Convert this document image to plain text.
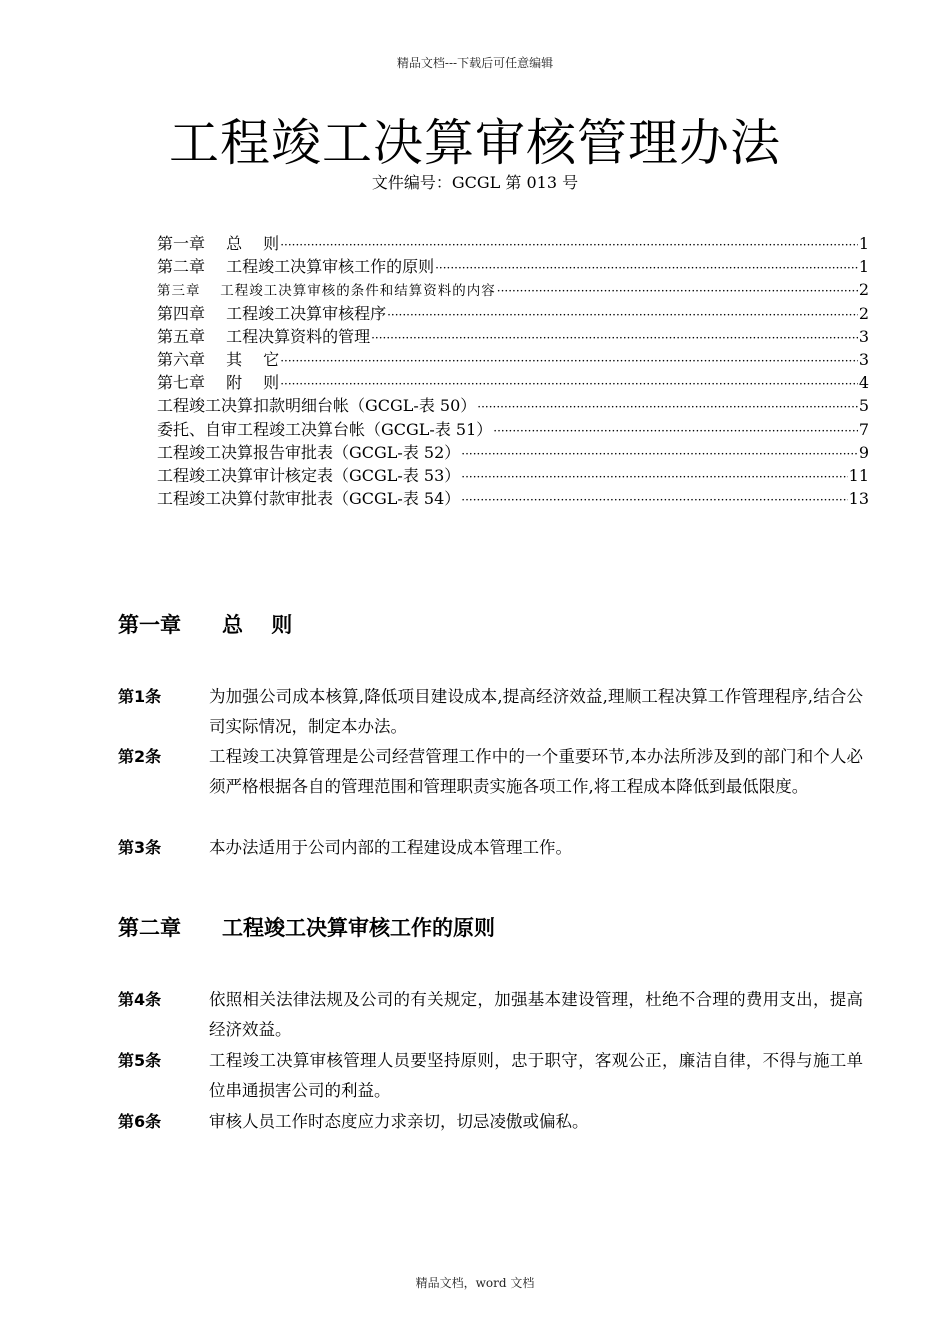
精品文档---下载后可任意编辑
工程竣工决算审核管理办法
文件编号：GCGL 第 013 号
第一章　 总　 则 ·····	1
第二章　 工程竣工决算审核工作的原则 ·····	1
第三章　 工程竣工决算审核的条件和结算资料的内容 ·····	2
第四章　 工程竣工决算审核程序 ·····	2
第五章　 工程决算资料的管理 ·····	3
第六章　 其　 它 ·····	3
第七章　 附　 则 ·····	4
工程竣工决算扣款明细台帐（GCGL-表 50） ·····	5
委托、自审工程竣工决算台帐（GCGL-表 51） ·····	7
工程竣工决算报告审批表（GCGL-表 52） ·····	9
工程竣工决算审计核定表（GCGL-表 53） ·····	11
工程竣工决算付款审批表（GCGL-表 54） ·····	13
第一章 总　 则
第1条	为加强公司成本核算,降低项目建设成本,提高经济效益,理顺工程决算工作管理程序,结合公司实际情况，制定本办法。
第2条	工程竣工决算管理是公司经营管理工作中的一个重要环节,本办法所涉及到的部门和个人必须严格根据各自的管理范围和管理职责实施各项工作,将工程成本降低到最低限度。
第3条	本办法适用于公司内部的工程建设成本管理工作。
第二章 工程竣工决算审核工作的原则
第4条	依照相关法律法规及公司的有关规定，加强基本建设管理，杜绝不合理的费用支出，提高经济效益。
第5条	工程竣工决算审核管理人员要坚持原则，忠于职守，客观公正，廉洁自律，不得与施工单位串通损害公司的利益。
第6条	审核人员工作时态度应力求亲切，切忌凌傲或偏私。
精品文档，word 文档
